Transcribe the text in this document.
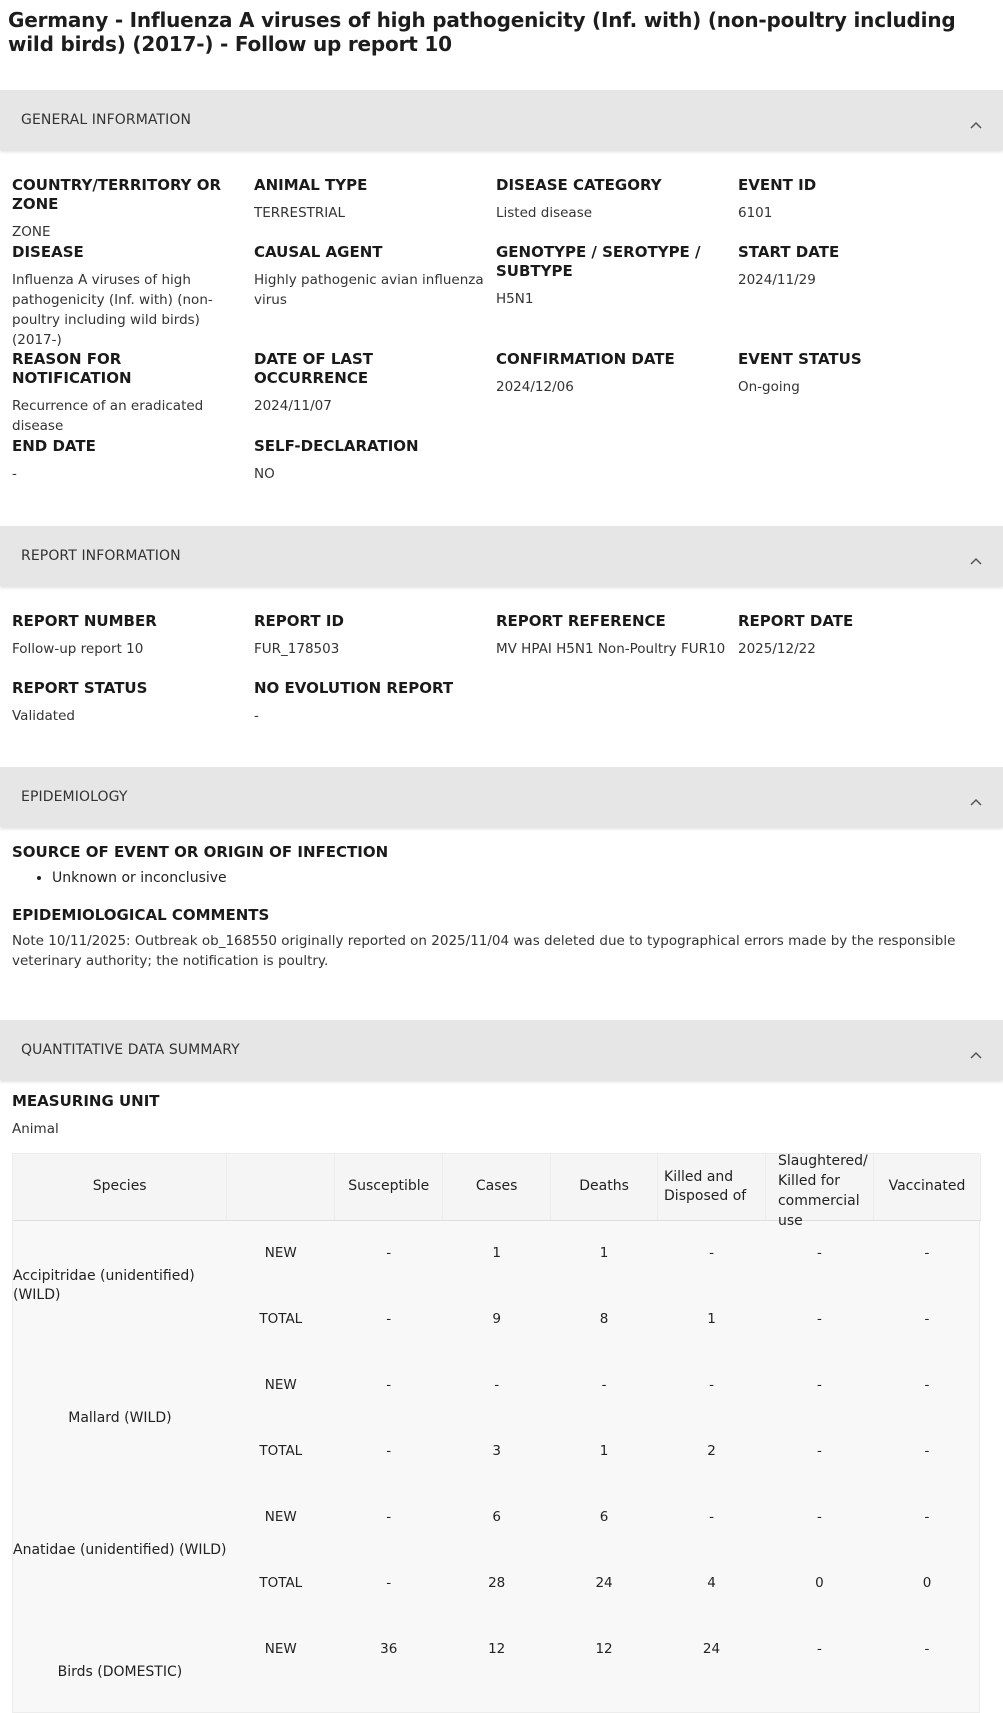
Germany - Influenza A viruses of high pathogenicity (Inf. with) (non-poultry including wild birds) (2017-) - Follow up report 10
GENERAL INFORMATION
COUNTRY/TERRITORY OR ZONE
ZONE
ANIMAL TYPE
TERRESTRIAL
DISEASE CATEGORY
Listed disease
EVENT ID
6101
DISEASE
Influenza A viruses of high pathogenicity (Inf. with) (non-poultry including wild birds) (2017-)
CAUSAL AGENT
Highly pathogenic avian influenza virus
GENOTYPE / SEROTYPE / SUBTYPE
H5N1
START DATE
2024/11/29
REASON FOR NOTIFICATION
Recurrence of an eradicated disease
DATE OF LAST OCCURRENCE
2024/11/07
CONFIRMATION DATE
2024/12/06
EVENT STATUS
On-going
END DATE
-
SELF-DECLARATION
NO
REPORT INFORMATION
REPORT NUMBER
Follow-up report 10
REPORT ID
FUR_178503
REPORT REFERENCE
MV HPAI H5N1 Non-Poultry FUR10
REPORT DATE
2025/12/22
REPORT STATUS
Validated
NO EVOLUTION REPORT
-
EPIDEMIOLOGY
SOURCE OF EVENT OR ORIGIN OF INFECTION
• Unknown or inconclusive
EPIDEMIOLOGICAL COMMENTS
Note 10/11/2025: Outbreak ob_168550 originally reported on 2025/11/04 was deleted due to typographical errors made by the responsible veterinary authority; the notification is poultry.
QUANTITATIVE DATA SUMMARY
MEASURING UNIT
Animal
Species		Susceptible	Cases	Deaths	Killed and Disposed of	Slaughtered/ Killed for commercial use	Vaccinated
Accipitridae (unidentified) (WILD)	NEW	-	1	1	-	-	-
	TOTAL	-	9	8	1	-	-
Mallard (WILD)	NEW	-	-	-	-	-	-
	TOTAL	-	3	1	2	-	-
Anatidae (unidentified) (WILD)	NEW	-	6	6	-	-	-
	TOTAL	-	28	24	4	0	0
Birds (DOMESTIC)	NEW	36	12	12	24	-	-
